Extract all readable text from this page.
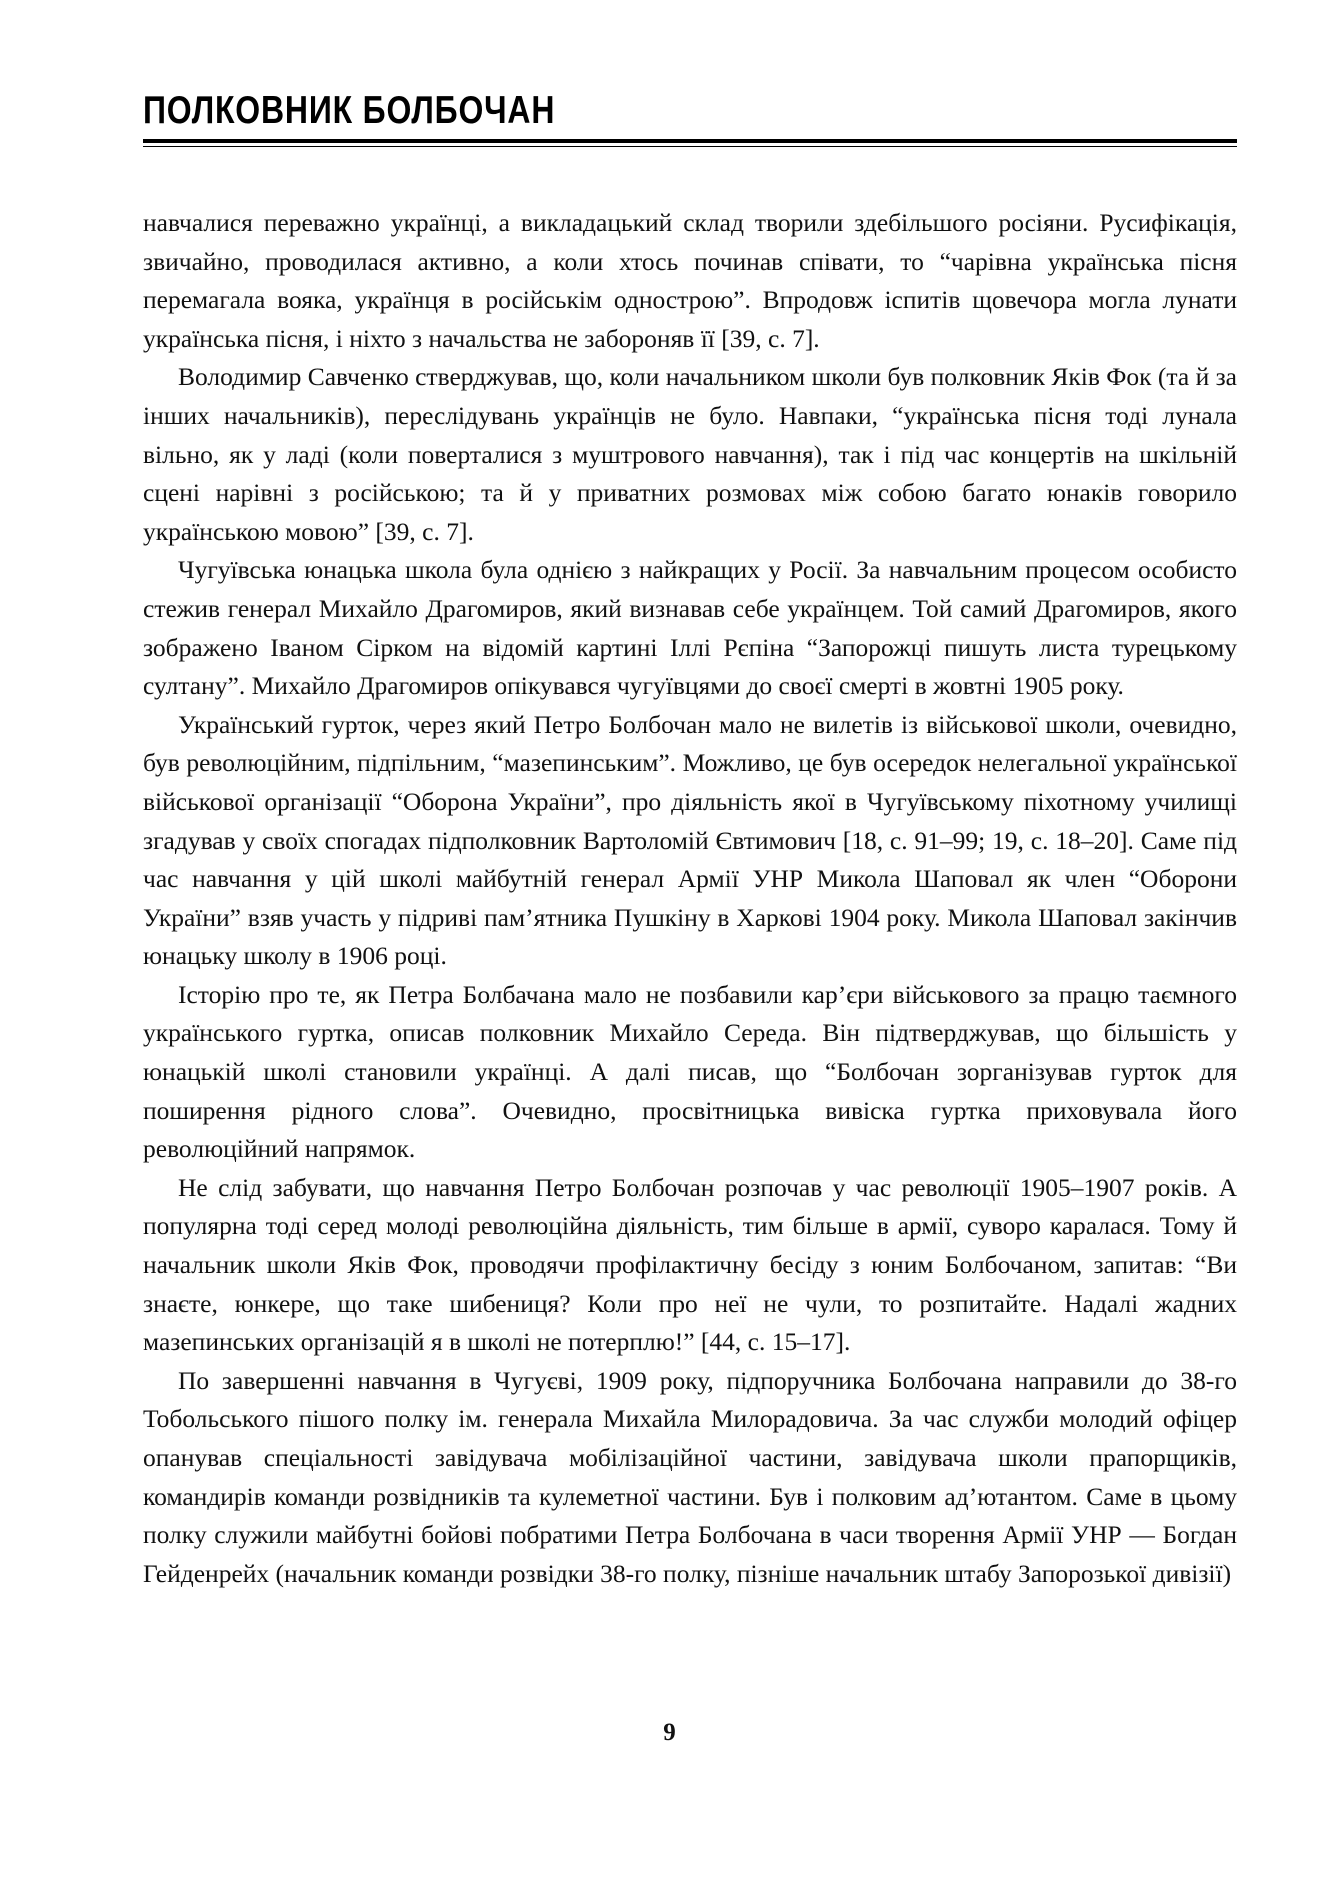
ПОЛКОВНИК БОЛБОЧАН

навчалися переважно українці, а викладацький склад творили здебільшого росіяни. Русифікація, звичайно, проводилася активно, а коли хтось починав співати, то “чарівна українська пісня перемагала вояка, українця в російськім однострою”. Впродовж іспитів щовечора могла лунати українська пісня, і ніхто з начальства не забороняв її [39, с. 7].

Володимир Савченко стверджував, що, коли начальником школи був полковник Яків Фок (та й за інших начальників), переслідувань українців не було. Навпаки, “українська пісня тоді лунала вільно, як у ладі (коли поверталися з муштрового навчання), так і під час концертів на шкільній сцені нарівні з російською; та й у приватних розмовах між собою багато юнаків говорило українською мовою” [39, с. 7].

Чугуївська юнацька школа була однією з найкращих у Росії. За навчальним процесом особисто стежив генерал Михайло Драгомиров, який визнавав себе українцем. Той самий Драгомиров, якого зображено Іваном Сірком на відомій картині Іллі Рєпіна “Запорожці пишуть листа турецькому султану”. Михайло Драгомиров опікувався чугуївцями до своєї смерті в жовтні 1905 року.

Український гурток, через який Петро Болбочан мало не вилетів із військової школи, очевидно, був революційним, підпільним, “мазепинським”. Можливо, це був осередок нелегальної української військової організації “Оборона України”, про діяльність якої в Чугуївському піхотному училищі згадував у своїх спогадах підполковник Вартоломій Євтимович [18, с. 91–99; 19, с. 18–20]. Саме під час навчання у цій школі майбутній генерал Армії УНР Микола Шаповал як член “Оборони України” взяв участь у підриві пам’ятника Пушкіну в Харкові 1904 року. Микола Шаповал закінчив юнацьку школу в 1906 році.

Історію про те, як Петра Болбачана мало не позбавили кар’єри військового за працю таємного українського гуртка, описав полковник Михайло Середа. Він підтверджував, що більшість у юнацькій школі становили українці. А далі писав, що “Болбочан зорганізував гурток для поширення рідного слова”. Очевидно, просвітницька вивіска гуртка приховувала його революційний напрямок.

Не слід забувати, що навчання Петро Болбочан розпочав у час революції 1905–1907 років. А популярна тоді серед молоді революційна діяльність, тим більше в армії, суворо каралася. Тому й начальник школи Яків Фок, проводячи профілактичну бесіду з юним Болбочаном, запитав: “Ви знаєте, юнкере, що таке шибениця? Коли про неї не чули, то розпитайте. Надалі жадних мазепинських організацій я в школі не потерплю!” [44, с. 15–17].

По завершенні навчання в Чугуєві, 1909 року, підпоручника Болбочана направили до 38-го Тобольського пішого полку ім. генерала Михайла Милорадовича. За час служби молодий офіцер опанував спеціальності завідувача мобілізаційної частини, завідувача школи прапорщиків, командирів команди розвідників та кулеметної частини. Був і полковим ад’ютантом. Саме в цьому полку служили майбутні бойові побратими Петра Болбочана в часи творення Армії УНР — Богдан Гейденрейх (начальник команди розвідки 38-го полку, пізніше начальник штабу Запорозької дивізії)

9
